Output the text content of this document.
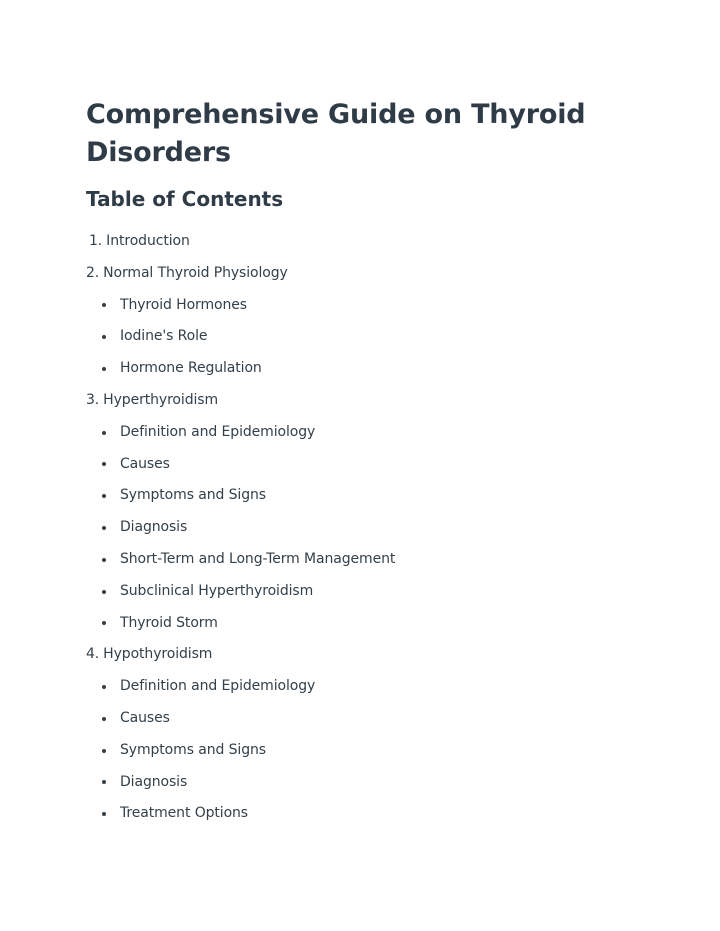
Comprehensive Guide on Thyroid Disorders
Table of Contents
1. Introduction
2. Normal Thyroid Physiology
Thyroid Hormones
Iodine's Role
Hormone Regulation
3. Hyperthyroidism
Definition and Epidemiology
Causes
Symptoms and Signs
Diagnosis
Short-Term and Long-Term Management
Subclinical Hyperthyroidism
Thyroid Storm
4. Hypothyroidism
Definition and Epidemiology
Causes
Symptoms and Signs
Diagnosis
Treatment Options
